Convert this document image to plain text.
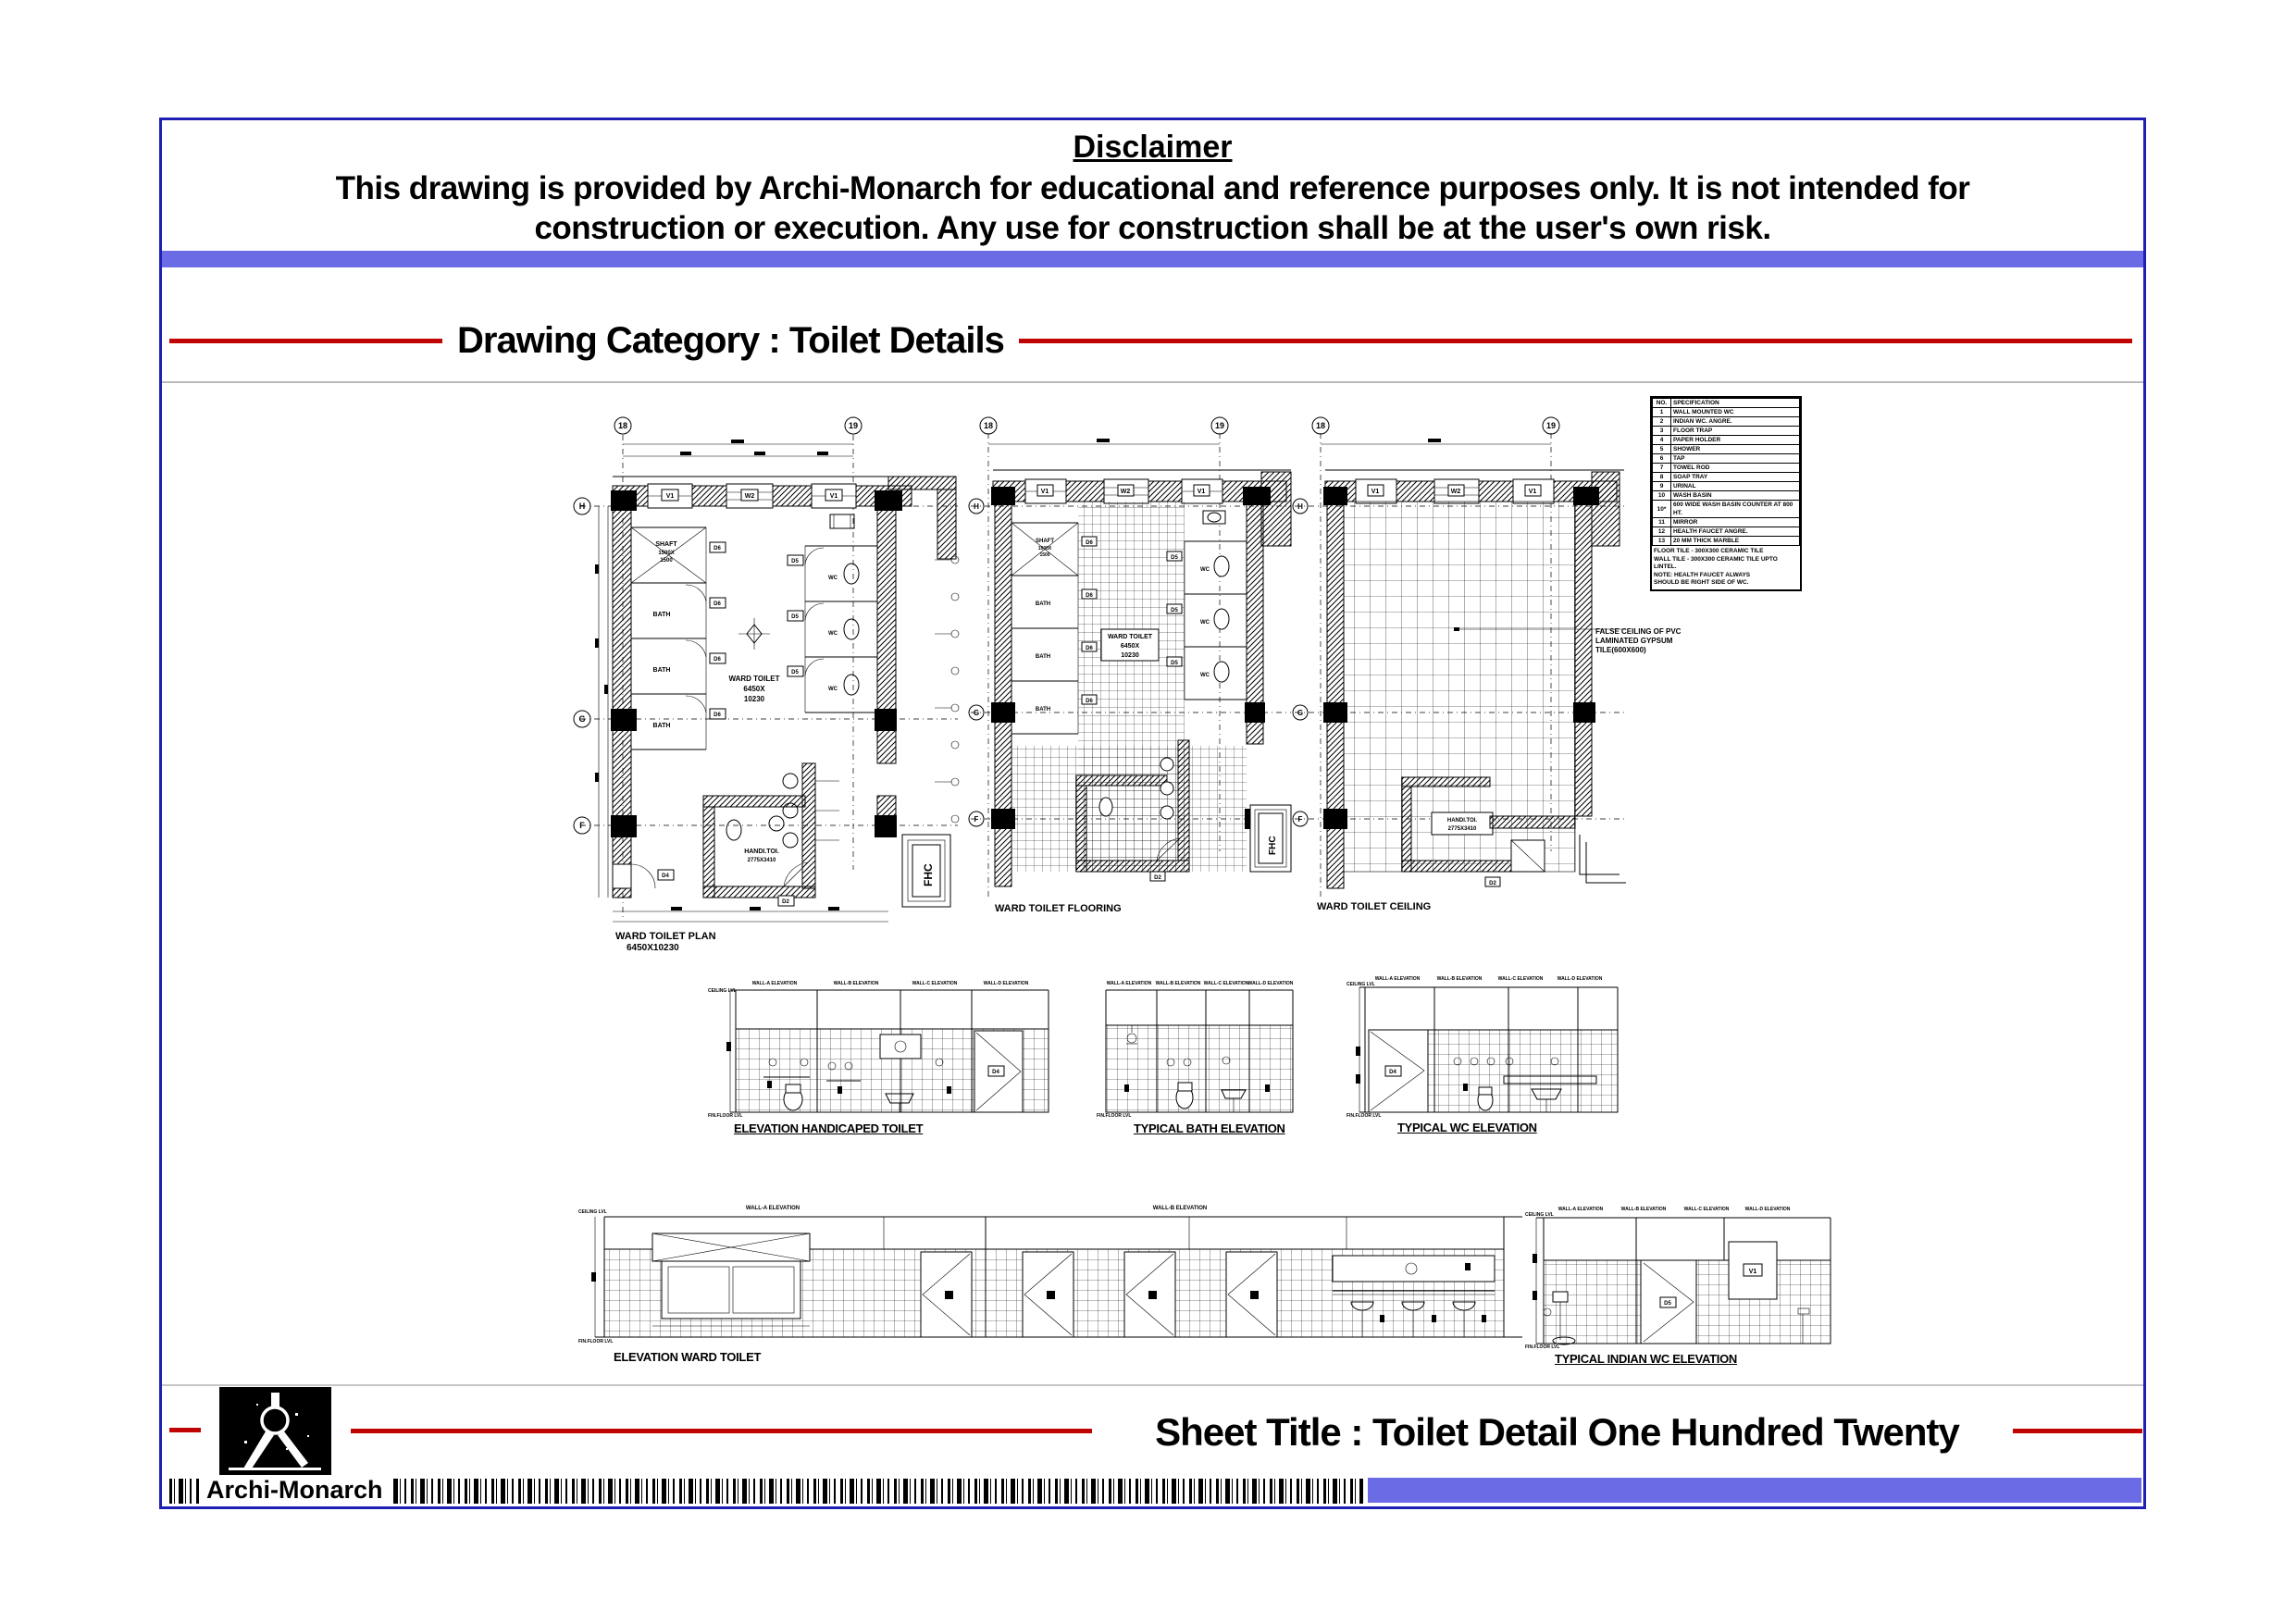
Disclaimer
This drawing is provided by Archi-Monarch for educational and reference purposes only. It is not intended for
construction or execution. Any use for construction shall be at the user's own risk.
Drawing Category : Toilet Details
18	19
H
G
F
V1	W2	V1
SHAFT
1500X
1500
BATH
BATH
BATH
D6
D6
D6
D6
WC
WC
WC
D5
D5
D5
WARD TOILET
6450X
10230
HANDI.TOI.
2775X3410
D2
D4	FHC
WARD TOILET PLAN
6450X10230
18	19
H
G
F
V1	W2	V1
SHAFT
1500X
1500
BATH
BATH
BATH
D6
D6
D6
D6
WC
WC
WC
D5
D5
D5
WARD TOILET
6450X
10230
D2
FHC
WARD TOILET FLOORING
18	19
H
G
F
V1	W2	V1
HANDI.TOI.
2775X3410
D2
WARD TOILET CEILING
NO.	SPECIFICATION
1	WALL MOUNTED WC
2	INDIAN WC. ANGRE.
3	FLOOR TRAP
4	PAPER HOLDER
5	SHOWER
6	TAP
7	TOWEL ROD
8	SOAP TRAY
9	URINAL
10	WASH BASIN
10*	600 WIDE WASH BASIN COUNTER AT 800 HT.
11	MIRROR
12	HEALTH FAUCET ANGRE.
13	20 MM THICK MARBLE
FLOOR TILE - 300X300 CERAMIC TILE
WALL TILE - 300X300 CERAMIC TILE UPTO LINTEL.
NOTE: HEALTH FAUCET ALWAYS
SHOULD BE RIGHT SIDE OF WC.
FALSE CEILING OF PVC
LAMINATED GYPSUM
TILE(600X600)
WALL-A ELEVATION	WALL-B ELEVATION	WALL-C ELEVATION	WALL-D ELEVATION
CEILING LVL
D4
FIN.FLOOR LVL
ELEVATION HANDICAPED TOILET
WALL-A ELEVATION WALL-B ELEVATION WALL-C ELEVATION WALL-D ELEVATION
FIN.FLOOR LVL
TYPICAL BATH ELEVATION
WALL-A ELEVATION	WALL-B ELEVATION	WALL-C ELEVATION	WALL-D ELEVATION
CEILING LVL
D4
FIN.FLOOR LVL
TYPICAL WC ELEVATION
WALL-A ELEVATION	WALL-B ELEVATION
CEILING LVL
FIN.FLOOR LVL
ELEVATION WARD TOILET
WALL-A ELEVATION	WALL-B ELEVATION	WALL-C ELEVATION	WALL-D ELEVATION
CEILING LVL
D5
V1
FIN.FLOOR LVL
TYPICAL INDIAN WC ELEVATION
Sheet Title : Toilet Detail One Hundred Twenty
Archi-Monarch
